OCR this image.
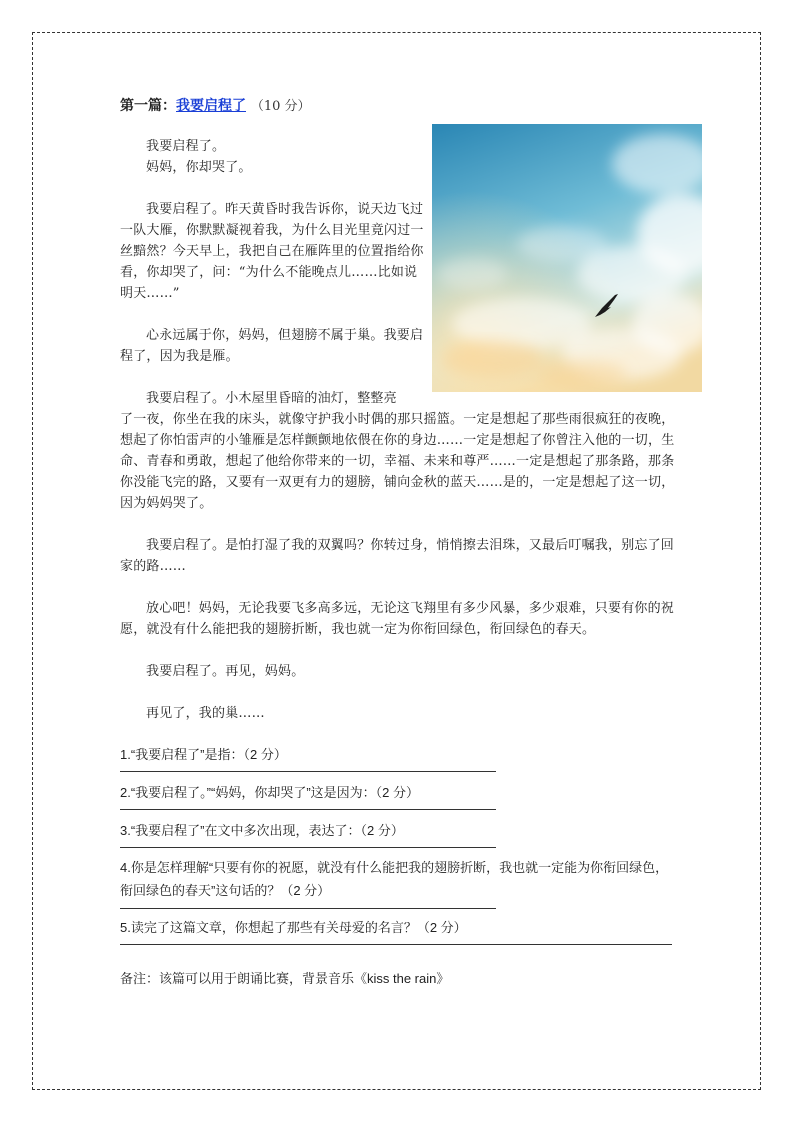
第一篇：我要启程了 （10 分）

我要启程了。

妈妈，你却哭了。

我要启程了。昨天黄昏时我告诉你，说天边飞过一队大雁，你默默凝视着我，为什么目光里竟闪过一丝黯然？今天早上，我把自己在雁阵里的位置指给你看，你却哭了，问：“为什么不能晚点儿……比如说明天……”

心永远属于你，妈妈，但翅膀不属于巢。我要启程了，因为我是雁。

我要启程了。小木屋里昏暗的油灯，整整亮

了一夜，你坐在我的床头，就像守护我小时偶的那只摇篮。一定是想起了那些雨很疯狂的夜晚，想起了你怕雷声的小雏雁是怎样颤颤地依偎在你的身边……一定是想起了你曾注入他的一切，生命、青春和勇敢，想起了他给你带来的一切，幸福、未来和尊严……一定是想起了那条路，那条你没能飞完的路，又要有一双更有力的翅膀，铺向金秋的蓝天……是的，一定是想起了这一切，因为妈妈哭了。

我要启程了。是怕打湿了我的双翼吗？你转过身，悄悄擦去泪珠，又最后叮嘱我，别忘了回家的路……

放心吧！妈妈，无论我要飞多高多远，无论这飞翔里有多少风暴，多少艰难，只要有你的祝愿，就没有什么能把我的翅膀折断，我也就一定为你衔回绿色，衔回绿色的春天。

我要启程了。再见，妈妈。

再见了，我的巢……

1.“我要启程了”是指：（2 分）

2.“我要启程了。”“妈妈，你却哭了”这是因为：（2 分）

3.“我要启程了”在文中多次出现，表达了：（2 分）

4.你是怎样理解“只要有你的祝愿，就没有什么能把我的翅膀折断，我也就一定能为你衔回绿色，衔回绿色的春天”这句话的？（2 分）

5.读完了这篇文章，你想起了那些有关母爱的名言？（2 分）

备注：该篇可以用于朗诵比赛，背景音乐《kiss the rain》
